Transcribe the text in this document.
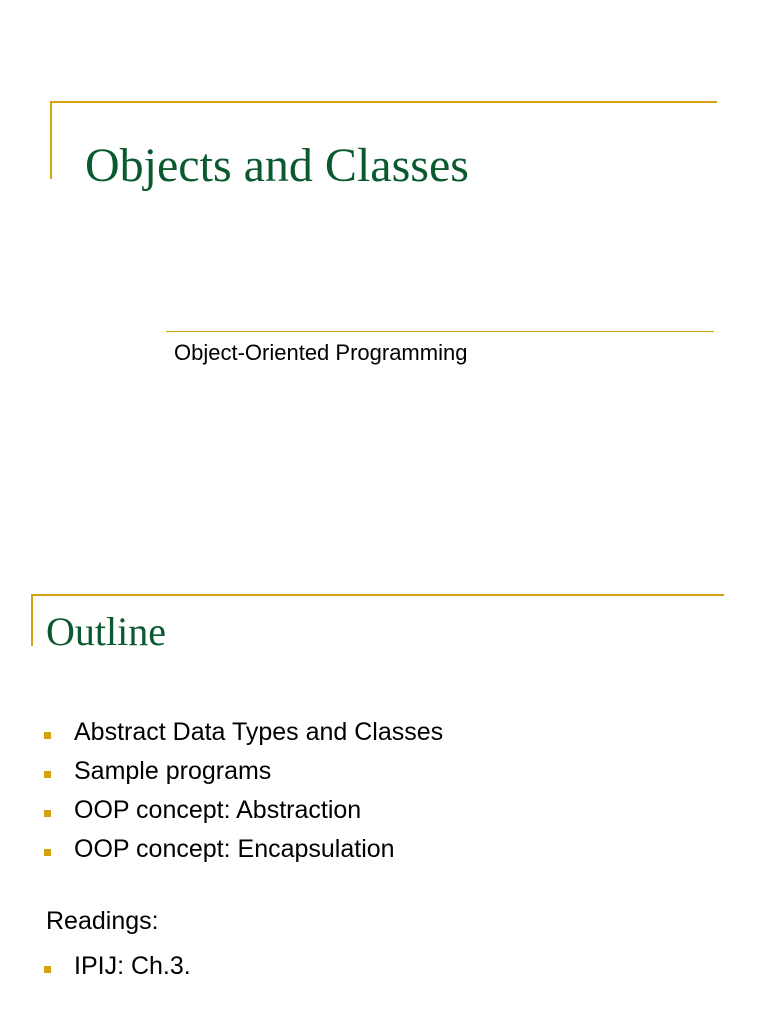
Objects and Classes

Object-Oriented Programming

Outline
Abstract Data Types and Classes
Sample programs
OOP concept: Abstraction
OOP concept: Encapsulation

Readings:

IPIJ: Ch.3.
